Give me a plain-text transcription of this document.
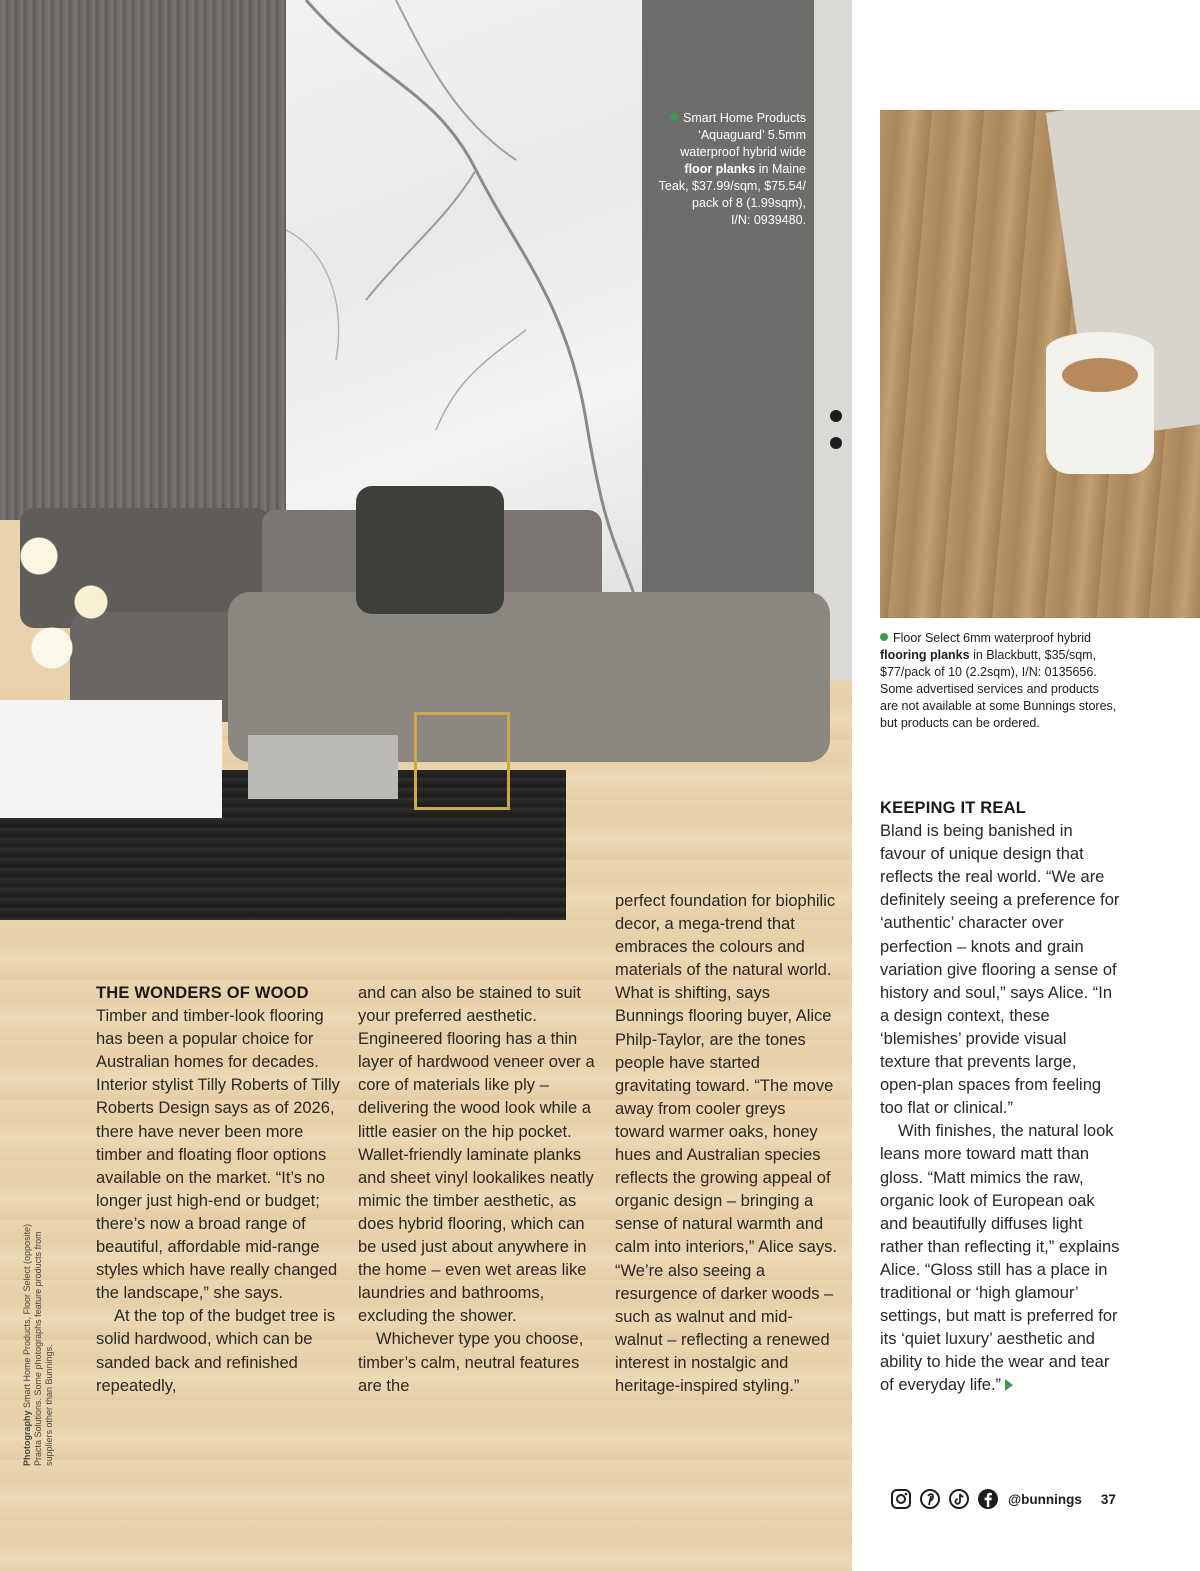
Smart Home Products
‘Aquaguard’ 5.5mm
waterproof hybrid wide
floor planks in Maine
Teak, $37.99/sqm, $75.54/
pack of 8 (1.99sqm),
I/N: 0939480.
Floor Select 6mm waterproof hybrid flooring planks in Blackbutt, $35/sqm, $77/pack of 10 (2.2sqm), I/N: 0135656. Some advertised services and products are not available at some Bunnings stores, but products can be ordered.
THE WONDERS OF WOOD

Timber and timber-look flooring has been a popular choice for Australian homes for decades. Interior stylist Tilly Roberts of Tilly Roberts Design says as of 2026, there have never been more timber and floating floor options available on the market. “It’s no longer just high-end or budget; there’s now a broad range of beautiful, affordable mid-range styles which have really changed the landscape,” she says.

At the top of the budget tree is solid hardwood, which can be sanded back and refinished repeatedly,

and can also be stained to suit your preferred aesthetic. Engineered flooring has a thin layer of hardwood veneer over a core of materials like ply – delivering the wood look while a little easier on the hip pocket. Wallet-friendly laminate planks and sheet vinyl lookalikes neatly mimic the timber aesthetic, as does hybrid flooring, which can be used just about anywhere in the home – even wet areas like laundries and bathrooms, excluding the shower.

Whichever type you choose, timber’s calm, neutral features are the

perfect foundation for biophilic decor, a mega-trend that embraces the colours and materials of the natural world. What is shifting, says Bunnings flooring buyer, Alice Philp-Taylor, are the tones people have started gravitating toward. “The move away from cooler greys toward warmer oaks, honey hues and Australian species reflects the growing appeal of organic design – bringing a sense of natural warmth and calm into interiors,” Alice says. “We’re also seeing a resurgence of darker woods – such as walnut and mid-walnut – reflecting a renewed interest in nostalgic and heritage-inspired styling.”

KEEPING IT REAL

Bland is being banished in favour of unique design that reflects the real world. “We are definitely seeing a preference for ‘authentic’ character over perfection – knots and grain variation give flooring a sense of history and soul,” says Alice. “In a design context, these ‘blemishes’ provide visual texture that prevents large, open-plan spaces from feeling too flat or clinical.”

With finishes, the natural look leans more toward matt than gloss. “Matt mimics the raw, organic look of European oak and beautifully diffuses light rather than reflecting it,” explains Alice. “Gloss still has a place in traditional or ‘high glamour’ settings, but matt is preferred for its ‘quiet luxury’ aesthetic and ability to hide the wear and tear of everyday life.”

Photography Smart Home Products, Floor Select (opposite) Practa Solutions. Some photographs feature products from suppliers other than Bunnings.
@bunnings 37
